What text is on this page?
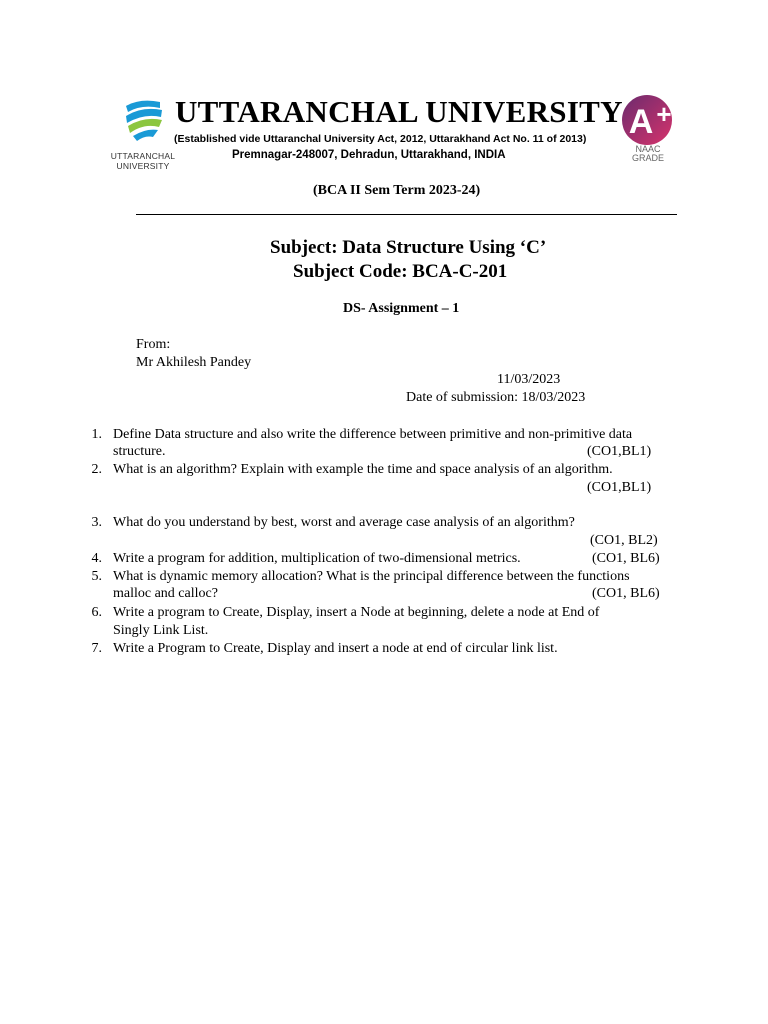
UTTARANCHAL
UNIVERSITY
UTTARANCHAL UNIVERSITY
(Established vide Uttaranchal University Act, 2012, Uttarakhand Act No. 11 of 2013)
Premnagar-248007, Dehradun, Uttarakhand, INDIA
A +
NAAC
GRADE
(BCA II Sem Term 2023-24)
Subject: Data Structure Using ‘C’
Subject Code: BCA-C-201
DS- Assignment – 1
From:
Mr Akhilesh Pandey
11/03/2023
Date of submission: 18/03/2023
1. Define Data structure and also write the difference between primitive and non-primitive data
structure.	(CO1,BL1)
2. What is an algorithm? Explain with example the time and space analysis of an algorithm.
(CO1,BL1)
3. What do you understand by best, worst and average case analysis of an algorithm?
(CO1, BL2)
4. Write a program for addition, multiplication of two-dimensional metrics.	(CO1, BL6)
5. What is dynamic memory allocation? What is the principal difference between the functions
malloc and calloc?	(CO1, BL6)
6. Write a program to Create, Display, insert a Node at beginning, delete a node at End of
Singly Link List.
7. Write a Program to Create, Display and insert a node at end of circular link list.
